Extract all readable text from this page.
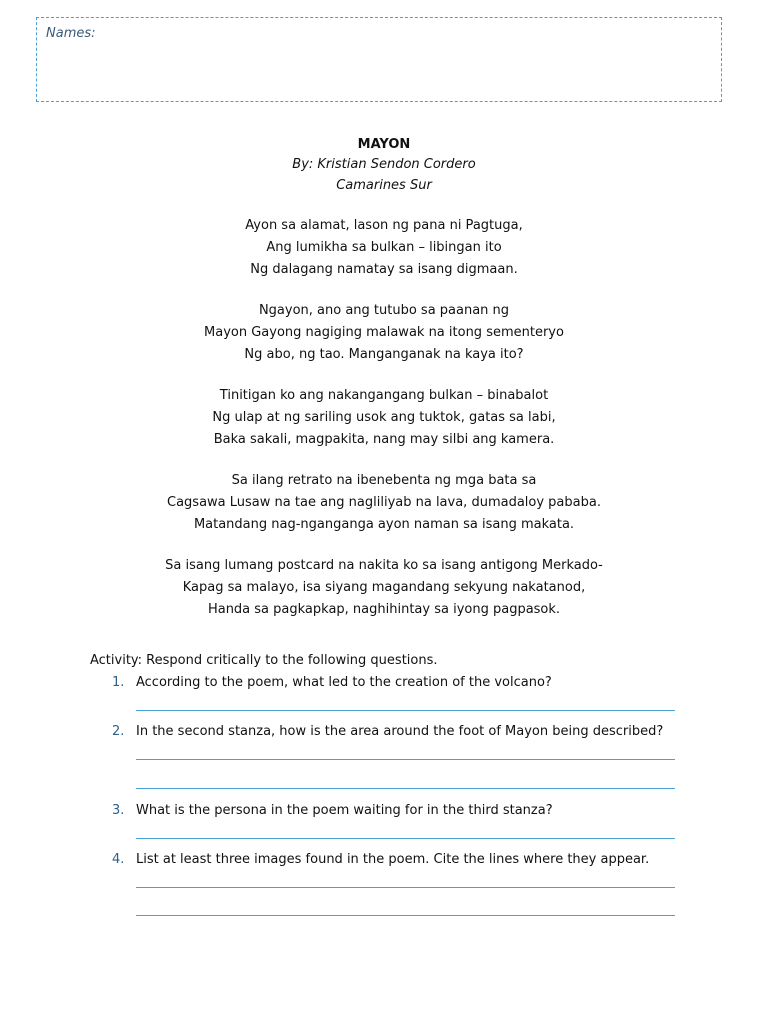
Names:
MAYON
By: Kristian Sendon Cordero
Camarines Sur
Ayon sa alamat, lason ng pana ni Pagtuga,
Ang lumikha sa bulkan – libingan ito
Ng dalagang namatay sa isang digmaan.
Ngayon, ano ang tutubo sa paanan ng
Mayon Gayong nagiging malawak na itong sementeryo
Ng abo, ng tao. Manganganak na kaya ito?
Tinitigan ko ang nakangangang bulkan – binabalot
Ng ulap at ng sariling usok ang tuktok, gatas sa labi,
Baka sakali, magpakita, nang may silbi ang kamera.
Sa ilang retrato na ibenebenta ng mga bata sa
Cagsawa Lusaw na tae ang nagliliyab na lava, dumadaloy pababa.
Matandang nag-nganganga ayon naman sa isang makata.
Sa isang lumang postcard na nakita ko sa isang antigong Merkado-
Kapag sa malayo, isa siyang magandang sekyung nakatanod,
Handa sa pagkapkap, naghihintay sa iyong pagpasok.
Activity: Respond critically to the following questions.
1. According to the poem, what led to the creation of the volcano?
2. In the second stanza, how is the area around the foot of Mayon being described?
3. What is the persona in the poem waiting for in the third stanza?
4. List at least three images found in the poem. Cite the lines where they appear.
